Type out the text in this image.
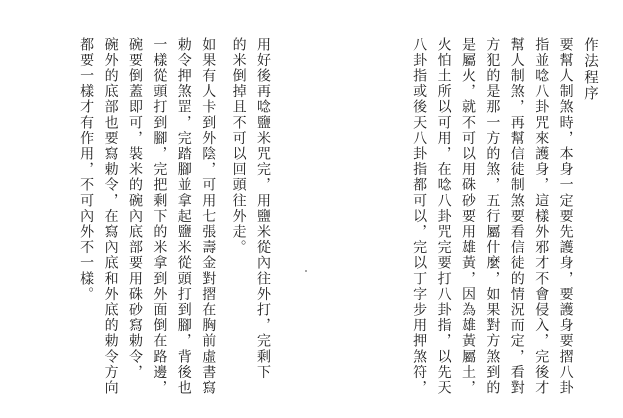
作法程序
要幫人制煞時，本身一定要先護身，要護身要摺八卦
指並唸八卦咒來護身，這樣外邪才不會侵入，完後才
幫人制煞，再幫信徒制煞要看信徒的情況而定，看對
方犯的是那一方的煞，五行屬什麼，如果對方煞到的
是屬火，就不可以用硃砂要用雄黃，因為雄黃屬土，
火怕土所以可用，在唸八卦咒完要打八卦指，以先天
八卦指或後天八卦指都可以，完以丁字步用押煞符，
用好後再唸鹽米咒完，用鹽米從內往外打，完剩下
的米倒掉且不可以回頭往外走。
如果有人卡到外陰，可用七張壽金對摺在胸前虛書寫
勅令押煞罡，完踏腳並拿起鹽米從頭打到腳，背後也
一樣從頭打到腳，完把剩下的米拿到外面倒在路邊，
碗要倒蓋即可，裝米的碗內底部要用硃砂寫勅令，
碗外的底部也要寫勅令，在寫內底和外底的勅令方向
都要一樣才有作用，不可內外不一樣。
